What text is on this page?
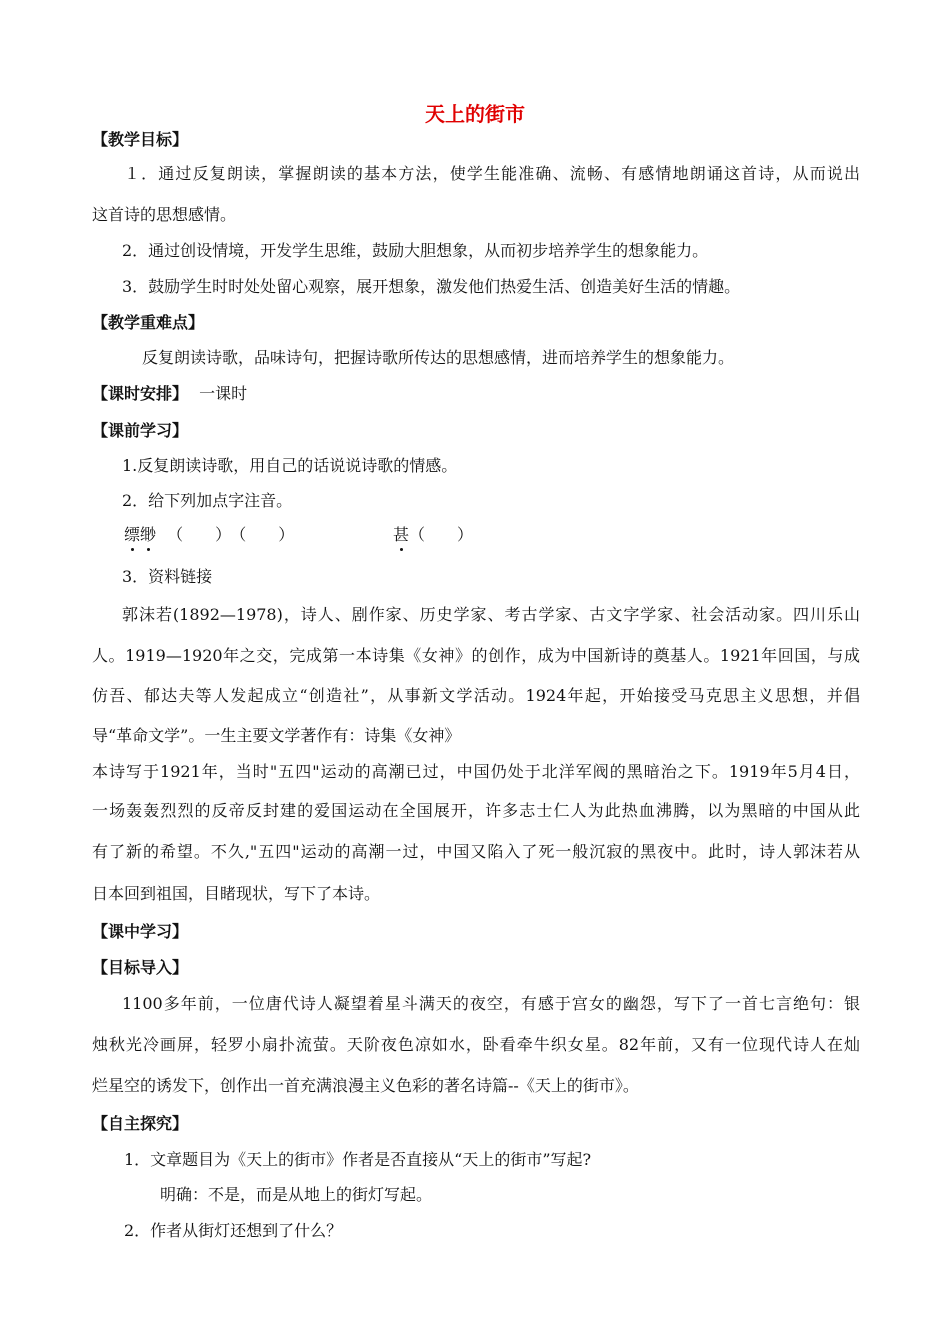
天上的街市
【教学目标】
１．通过反复朗读，掌握朗读的基本方法，使学生能准确、流畅、有感情地朗诵这首诗，从而说出
这首诗的思想感情。
2．通过创设情境，开发学生思维，鼓励大胆想象，从而初步培养学生的想象能力。
3．鼓励学生时时处处留心观察，展开想象，激发他们热爱生活、创造美好生活的情趣。
【教学重难点】
反复朗读诗歌，品味诗句，把握诗歌所传达的思想感情，进而培养学生的想象能力。
【课时安排】 一课时
【课前学习】
1.反复朗读诗歌，用自己的话说说诗歌的情感。
2．给下列加点字注音。
缥缈 （　　） （　　）	甚（　　）
3．资料链接
郭沫若(1892—1978)，诗人、剧作家、历史学家、考古学家、古文字学家、社会活动家。四川乐山
人。1919—1920年之交，完成第一本诗集《女神》的创作，成为中国新诗的奠基人。1921年回国，与成
仿吾、郁达夫等人发起成立“创造社”，从事新文学活动。1924年起，开始接受马克思主义思想，并倡
导“革命文学”。一生主要文学著作有：诗集《女神》
本诗写于1921年，当时"五四"运动的高潮已过，中国仍处于北洋军阀的黑暗治之下。1919年5月4日，
一场轰轰烈烈的反帝反封建的爱国运动在全国展开，许多志士仁人为此热血沸腾，以为黑暗的中国从此
有了新的希望。不久,"五四"运动的高潮一过，中国又陷入了死一般沉寂的黑夜中。此时，诗人郭沫若从
日本回到祖国，目睹现状，写下了本诗。
【课中学习】
【目标导入】
1100多年前，一位唐代诗人凝望着星斗满天的夜空，有感于宫女的幽怨，写下了一首七言绝句：银
烛秋光冷画屏，轻罗小扇扑流萤。天阶夜色凉如水，卧看牵牛织女星。82年前，又有一位现代诗人在灿
烂星空的诱发下，创作出一首充满浪漫主义色彩的著名诗篇--《天上的街市》。
【自主探究】
1．文章题目为《天上的街市》作者是否直接从“天上的街市”写起?
明确：不是，而是从地上的街灯写起。
2．作者从街灯还想到了什么？
